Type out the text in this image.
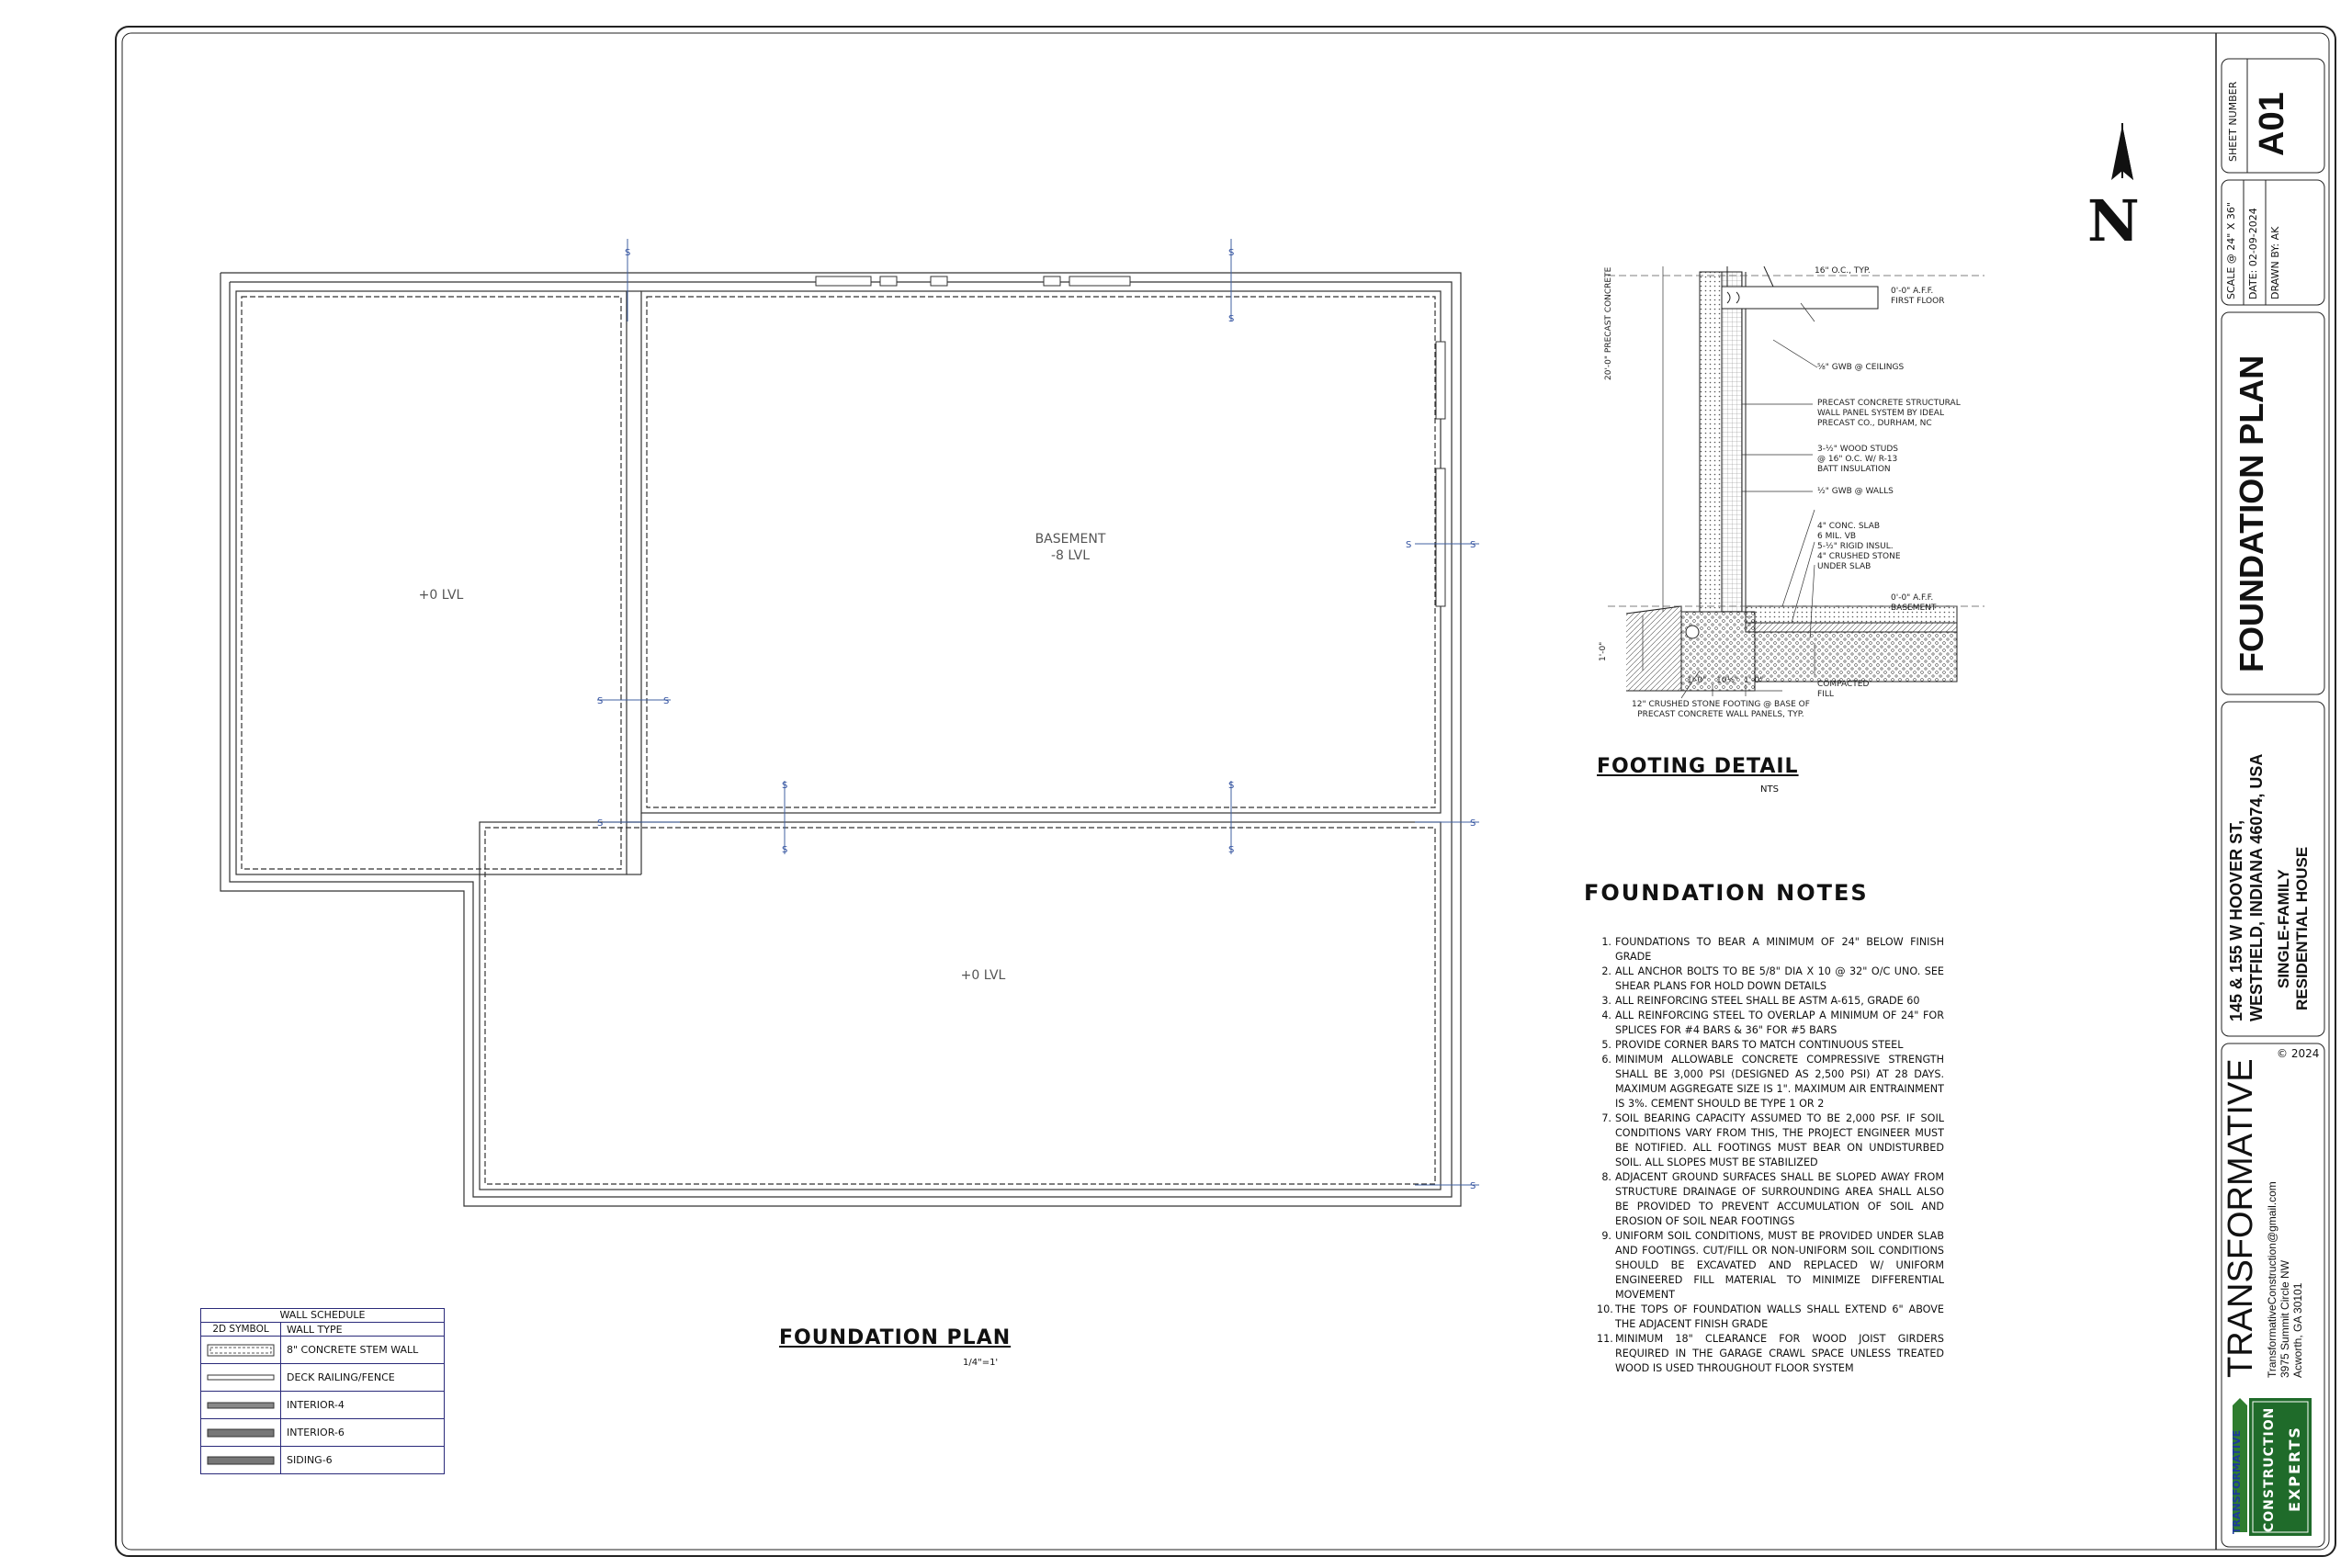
S	S
S
S	S
S	S
S
S
S
S
S
S
S
+0 LVL
BASEMENT
-8 LVL
+0 LVL
FOUNDATION PLAN
1/4"=1'
N
WALL SCHEDULE
2D SYMBOL	WALL TYPE
8" CONCRETE STEM WALL
DECK RAILING/FENCE
INTERIOR-4
INTERIOR-6
SIDING-6
16" O.C., TYP.
0'-0" A.F.F.
FIRST FLOOR
⅝" GWB @ CEILINGS
PRECAST CONCRETE STRUCTURAL
WALL PANEL SYSTEM BY IDEAL
PRECAST CO., DURHAM, NC
3-½" WOOD STUDS
@ 16" O.C. W/ R-13
BATT INSULATION
½" GWB @ WALLS
4" CONC. SLAB
6 MIL. VB
5-½" RIGID INSUL.
4" CRUSHED STONE
UNDER SLAB
0'-0" A.F.F.
BASEMENT
COMPACTED
FILL
12" CRUSHED STONE FOOTING @ BASE OF
PRECAST CONCRETE WALL PANELS, TYP.
20'-0" PRECAST CONCRETE
1'-0" 10½" 1'-0"
1'-0"
FOOTING DETAIL
NTS
FOUNDATION NOTES
1. FOUNDATIONS TO BEAR A MINIMUM OF 24" BELOW FINISH GRADE
2. ALL ANCHOR BOLTS TO BE 5/8" DIA X 10 @ 32" O/C UNO. SEE SHEAR PLANS FOR HOLD DOWN DETAILS
3. ALL REINFORCING STEEL SHALL BE ASTM A-615, GRADE 60
4. ALL REINFORCING STEEL TO OVERLAP A MINIMUM OF 24" FOR SPLICES FOR #4 BARS & 36" FOR #5 BARS
5. PROVIDE CORNER BARS TO MATCH CONTINUOUS STEEL
6. MINIMUM ALLOWABLE CONCRETE COMPRESSIVE STRENGTH SHALL BE 3,000 PSI (DESIGNED AS 2,500 PSI) AT 28 DAYS. MAXIMUM AGGREGATE SIZE IS 1". MAXIMUM AIR ENTRAINMENT IS 3%. CEMENT SHOULD BE TYPE 1 OR 2
7. SOIL BEARING CAPACITY ASSUMED TO BE 2,000 PSF. IF SOIL CONDITIONS VARY FROM THIS, THE PROJECT ENGINEER MUST BE NOTIFIED. ALL FOOTINGS MUST BEAR ON UNDISTURBED SOIL. ALL SLOPES MUST BE STABILIZED
8. ADJACENT GROUND SURFACES SHALL BE SLOPED AWAY FROM STRUCTURE DRAINAGE OF SURROUNDING AREA SHALL ALSO BE PROVIDED TO PREVENT ACCUMULATION OF SOIL AND EROSION OF SOIL NEAR FOOTINGS
9. UNIFORM SOIL CONDITIONS, MUST BE PROVIDED UNDER SLAB AND FOOTINGS. CUT/FILL OR NON-UNIFORM SOIL CONDITIONS SHOULD BE EXCAVATED AND REPLACED W/ UNIFORM ENGINEERED FILL MATERIAL TO MINIMIZE DIFFERENTIAL MOVEMENT
10. THE TOPS OF FOUNDATION WALLS SHALL EXTEND 6" ABOVE THE ADJACENT FINISH GRADE
11. MINIMUM 18" CLEARANCE FOR WOOD JOIST GIRDERS REQUIRED IN THE GARAGE CRAWL SPACE UNLESS TREATED WOOD IS USED THROUGHOUT FLOOR SYSTEM
SHEET NUMBER A01
SCALE @ 24" X 36" DATE: 02-09-2024 DRAWN BY: AK
FOUNDATION PLAN
145 & 155 W HOOVER ST, WESTFIELD, INDIANA 46074, USA SINGLE-FAMILY RESIDENTIAL HOUSE
© 2024
TRANSFORMATIVE TransformativeConstruction@gmail.com 3975 Summit Circle NW Acworth, GA 30101
TRANSFORMATIVE CONSTRUCTION EXPERTS
